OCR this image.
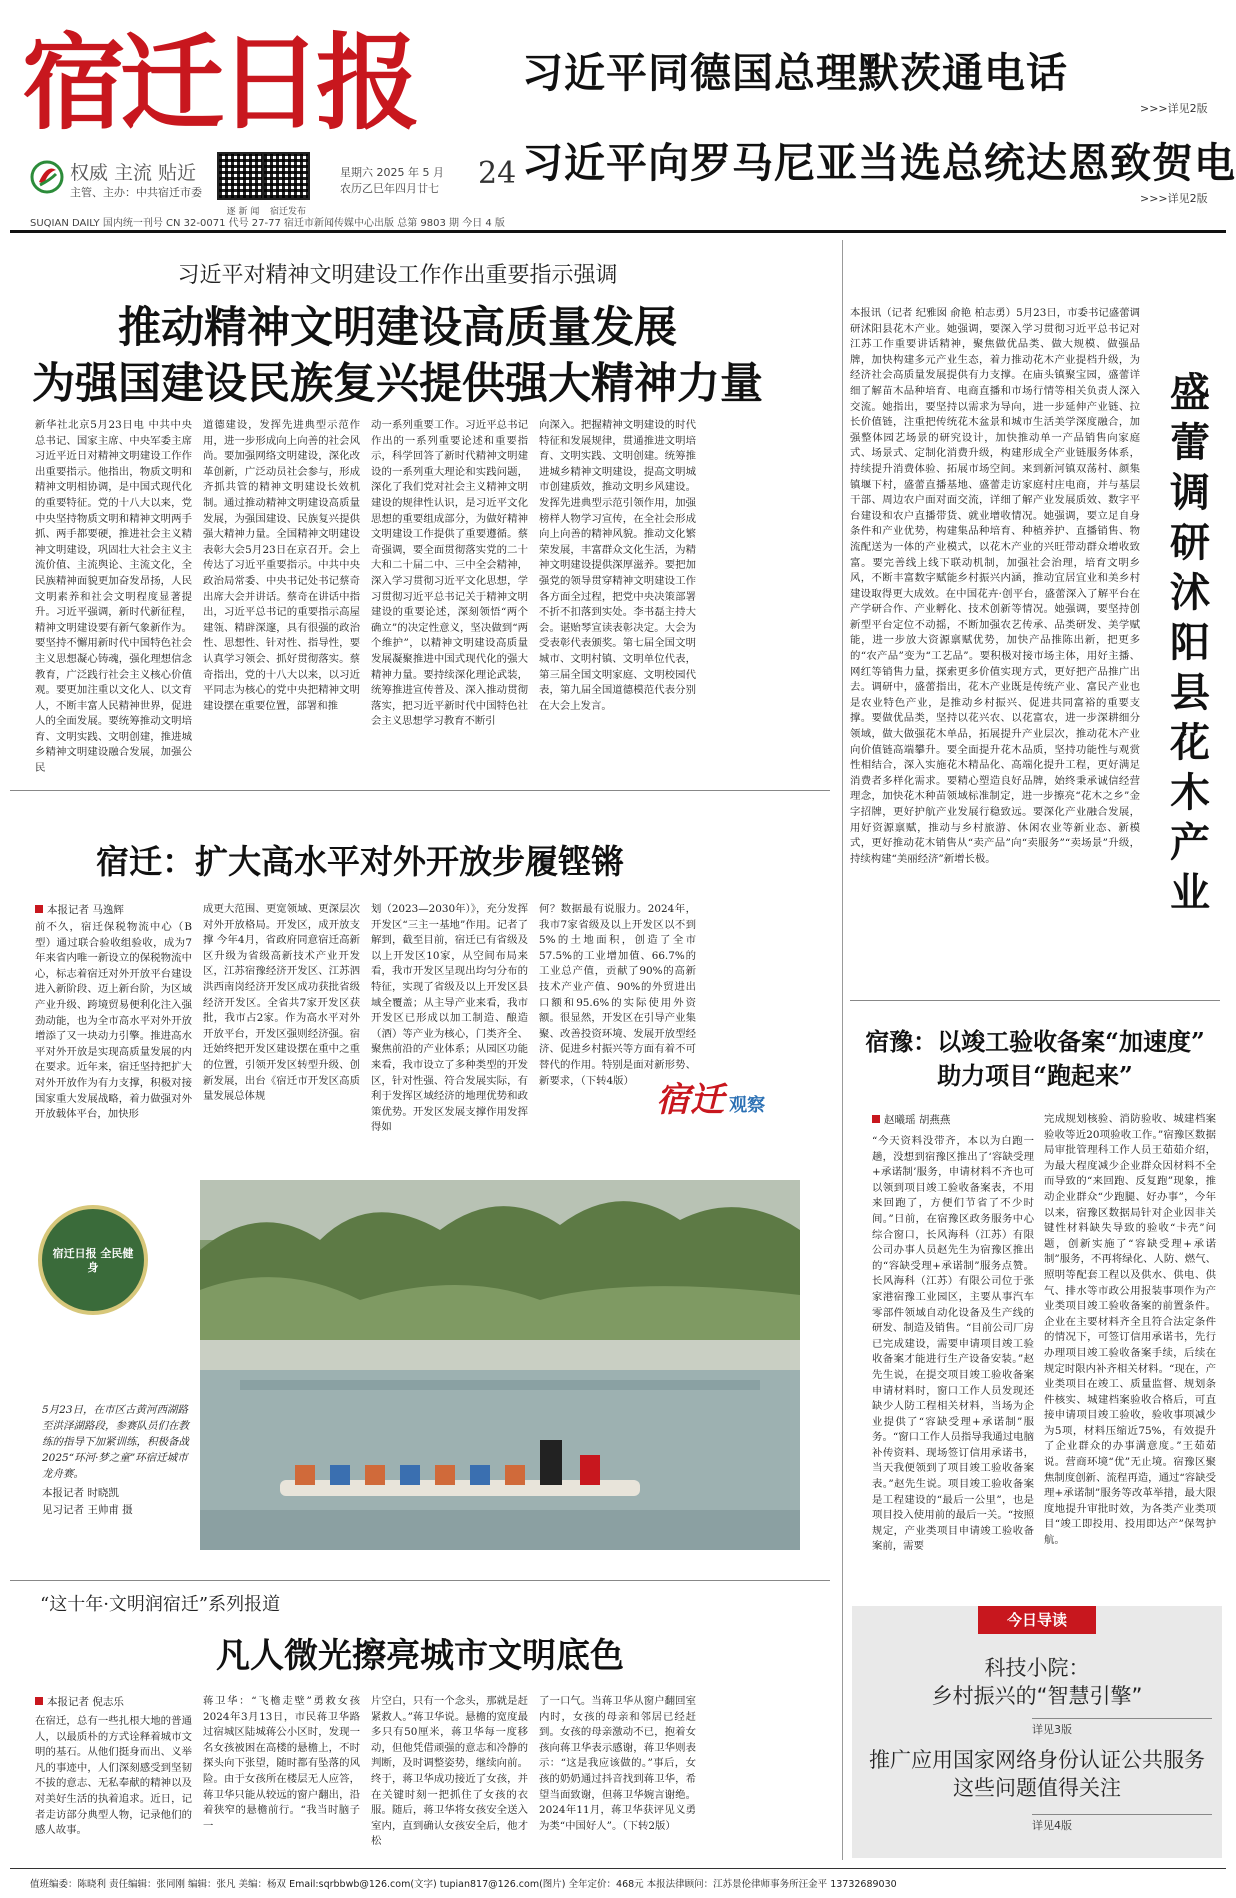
宿迁日报
权威 主流 贴近
主管、主办：中共宿迁市委
逐 新 闻	宿迁发布
星期六 2025 年 5 月
农历乙巳年四月廿七 24
SUQIAN DAILY 国内统一刊号 CN 32-0071 代号 27-77 宿迁市新闻传媒中心出版 总第 9803 期 今日 4 版
习近平同德国总理默茨通电话
>>>详见2版
习近平向罗马尼亚当选总统达恩致贺电
>>>详见2版
习近平对精神文明建设工作作出重要指示强调
推动精神文明建设高质量发展
为强国建设民族复兴提供强大精神力量
新华社北京5月23日电 中共中央总书记、国家主席、中央军委主席习近平近日对精神文明建设工作作出重要指示。他指出，物质文明和精神文明相协调，是中国式现代化的重要特征。党的十八大以来，党中央坚持物质文明和精神文明两手抓、两手都要硬，推进社会主义精神文明建设，巩固壮大社会主义主流价值、主流舆论、主流文化，全民族精神面貌更加奋发昂扬，人民文明素养和社会文明程度显著提升。习近平强调，新时代新征程，精神文明建设要有新气象新作为。要坚持不懈用新时代中国特色社会主义思想凝心铸魂，强化理想信念教育，广泛践行社会主义核心价值观。要更加注重以文化人、以文育人，不断丰富人民精神世界，促进人的全面发展。要统筹推动文明培育、文明实践、文明创建，推进城乡精神文明建设融合发展，加强公民
道德建设，发挥先进典型示范作用，进一步形成向上向善的社会风尚。要加强网络文明建设，深化改革创新，广泛动员社会参与，形成齐抓共管的精神文明建设长效机制。通过推动精神文明建设高质量发展，为强国建设、民族复兴提供强大精神力量。全国精神文明建设表彰大会5月23日在京召开。会上传达了习近平重要指示。中共中央政治局常委、中央书记处书记蔡奇出席大会并讲话。蔡奇在讲话中指出，习近平总书记的重要指示高屋建瓴、精辟深邃，具有很强的政治性、思想性、针对性、指导性，要认真学习领会、抓好贯彻落实。蔡奇指出，党的十八大以来，以习近平同志为核心的党中央把精神文明建设摆在重要位置，部署和推
动一系列重要工作。习近平总书记作出的一系列重要论述和重要指示，科学回答了新时代精神文明建设的一系列重大理论和实践问题，深化了我们党对社会主义精神文明建设的规律性认识，是习近平文化思想的重要组成部分，为做好精神文明建设工作提供了重要遵循。蔡奇强调，要全面贯彻落实党的二十大和二十届二中、三中全会精神，深入学习贯彻习近平文化思想，学习贯彻习近平总书记关于精神文明建设的重要论述，深刻领悟“两个确立”的决定性意义，坚决做到“两个维护”，以精神文明建设高质量发展凝聚推进中国式现代化的强大精神力量。要持续深化理论武装，统筹推进宣传普及、深入推动贯彻落实，把习近平新时代中国特色社会主义思想学习教育不断引
向深入。把握精神文明建设的时代特征和发展规律，贯通推进文明培育、文明实践、文明创建。统筹推进城乡精神文明建设，提高文明城市创建质效，推动文明乡风建设。发挥先进典型示范引领作用，加强榜样人物学习宣传，在全社会形成向上向善的精神风貌。推动文化繁荣发展，丰富群众文化生活，为精神文明建设提供深厚滋养。要把加强党的领导贯穿精神文明建设工作各方面全过程，把党中央决策部署不折不扣落到实处。李书磊主持大会。谌贻琴宣读表彰决定。大会为受表彰代表颁奖。第七届全国文明城市、文明村镇、文明单位代表，第三届全国文明家庭、文明校园代表，第九届全国道德模范代表分别在大会上发言。
本报讯（记者 纪雅囡 俞艳 柏志勇）5月23日，市委书记盛蕾调研沭阳县花木产业。她强调，要深入学习贯彻习近平总书记对江苏工作重要讲话精神，聚焦做优品类、做大规模、做强品牌，加快构建多元产业生态，着力推动花木产业提档升级，为经济社会高质量发展提供有力支撑。在庙头镇聚宝园，盛蕾详细了解苗木品种培育、电商直播和市场行情等相关负责人深入交流。她指出，要坚持以需求为导向，进一步延伸产业链、拉长价值链，注重把传统花木盆景和城市生活美学深度融合，加强整体园艺场景的研究设计，加快推动单一产品销售向家庭式、场景式、定制化消费升级，构建形成全产业链服务体系，持续提升消费体验、拓展市场空间。来到新河镇双荡村、颜集镇堰下村，盛蕾直播基地、盛蕾走访家庭村庄电商，并与基层干部、周边农户面对面交流，详细了解产业发展质效、数字平台建设和农户直播带货、就业增收情况。她强调，要立足自身条件和产业优势，构建集品种培育、种植养护、直播销售、物流配送为一体的产业模式，以花木产业的兴旺带动群众增收致富。要完善线上线下联动机制，加强社会治理，培育文明乡风，不断丰富数字赋能乡村振兴内涵，推动宜居宜业和美乡村建设取得更大成效。在中国花卉·创平台，盛蕾深入了解平台在产学研合作、产业孵化、技术创新等情况。她强调，要坚持创新型平台定位不动摇，不断加强农艺传承、品类研发、美学赋能，进一步放大资源禀赋优势，加快产品推陈出新，把更多的“农产品”变为“工艺品”。要积极对接市场主体，用好主播、网红等销售力量，探索更多价值实现方式，更好把产品推广出去。调研中，盛蕾指出，花木产业既是传统产业、富民产业也是农业特色产业，是推动乡村振兴、促进共同富裕的重要支撑。要做优品类，坚持以花兴农、以花富农，进一步深耕细分领域，做大做强花木单品，拓展提升产业层次，推动花木产业向价值链高端攀升。要全面提升花木品质，坚持功能性与观赏性相结合，深入实施花木精品化、高端化提升工程，更好满足消费者多样化需求。要精心塑造良好品牌，始终秉承诚信经营理念，加快花木种苗领域标准制定，进一步擦亮“花木之乡”金字招牌，更好护航产业发展行稳致远。要深化产业融合发展，用好资源禀赋，推动与乡村旅游、休闲农业等新业态、新模式，更好推动花木销售从“卖产品”向“卖服务”“卖场景”升级，持续构建“美丽经济”新增长极。
盛蕾调研沭阳县花木产业
宿迁：扩大高水平对外开放步履铿锵
本报记者 马逸辉
前不久，宿迁保税物流中心（B型）通过联合验收组验收，成为7年来省内唯一新设立的保税物流中心，标志着宿迁对外开放平台建设进入新阶段、迈上新台阶，为区域产业升级、跨境贸易便利化注入强劲动能，也为全市高水平对外开放增添了又一块动力引擎。推进高水平对外开放是实现高质量发展的内在要求。近年来，宿迁坚持把扩大对外开放作为有力支撑，积极对接国家重大发展战略，着力做强对外开放载体平台，加快形
成更大范围、更宽领域、更深层次对外开放格局。开发区，成开放支撑 今年4月，省政府同意宿迁高新区升级为省级高新技术产业开发区，江苏宿豫经济开发区、江苏泗洪西南岗经济开发区成功获批省级经济开发区。全省共7家开发区获批，我市占2家。作为高水平对外开放平台，开发区强则经济强。宿迁始终把开发区建设摆在重中之重的位置，引领开发区转型升级、创新发展，出台《宿迁市开发区高质量发展总体规
划（2023—2030年）》，充分发挥开发区“三主一基地”作用。记者了解到，截至目前，宿迁已有省级及以上开发区10家，从空间布局来看，我市开发区呈现出均匀分布的特征，实现了省级及以上开发区县域全覆盖；从主导产业来看，我市开发区已形成以加工制造、酿造（酒）等产业为核心，门类齐全、聚焦前沿的产业体系；从园区功能来看，我市设立了多种类型的开发区，针对性强、符合发展实际，有利于发挥区域经济的地理优势和政策优势。开发区发展支撑作用发挥得如
何？数据最有说服力。2024年，我市7家省级及以上开发区以不到5%的土地面积，创造了全市57.5%的工业增加值、66.7%的工业总产值，贡献了90%的高新技术产业产值、90%的外贸进出口额和95.6%的实际使用外资额。很显然，开发区在引导产业集聚、改善投资环境、发展开放型经济、促进乡村振兴等方面有着不可替代的作用。特别是面对新形势、新要求，（下转4版） 宿迁 观察
宿迁日报 全民健身
5月23日，在市区古黄河西湖路至洪泽湖路段，参赛队员们在教练的指导下加紧训练，积极备战2025“环河·梦之童”环宿迁城市龙舟赛。
本报记者 时晓凯
见习记者 王帅甫 摄
宿豫：以竣工验收备案“加速度”
助力项目“跑起来”
赵曦瑶 胡燕燕
“今天资料没带齐，本以为白跑一趟，没想到宿豫区推出了‘容缺受理+承诺制’服务，申请材料不齐也可以领到项目竣工验收备案表，不用来回跑了，方便们节省了不少时间。”日前，在宿豫区政务服务中心综合窗口，长风海科（江苏）有限公司办事人员赵先生为宿豫区推出的“容缺受理+承诺制”服务点赞。长风海科（江苏）有限公司位于张家港宿豫工业园区，主要从事汽车零部件领域自动化设备及生产线的研发、制造及销售。“目前公司厂房已完成建设，需要申请项目竣工验收备案才能进行生产设备安装。”赵先生说，在提交项目竣工验收备案申请材料时，窗口工作人员发现还缺少人防工程相关材料，当场为企业提供了“容缺受理+承诺制”服务。“窗口工作人员指导我通过电脑补传资料、现场签订信用承诺书，当天我便领到了项目竣工验收备案表。”赵先生说。项目竣工验收备案是工程建设的“最后一公里”，也是项目投入使用前的最后一关。“按照规定，产业类项目申请竣工验收备案前，需要
完成规划核验、消防验收、城建档案验收等近20项验收工作。”宿豫区数据局审批管理科工作人员王茹茹介绍，为最大程度减少企业群众因材料不全而导致的“来回跑、反复跑”现象，推动企业群众“少跑腿、好办事”，今年以来，宿豫区数据局针对企业因非关键性材料缺失导致的验收“卡壳”问题，创新实施了“容缺受理+承诺制”服务，不再将绿化、人防、燃气、照明等配套工程以及供水、供电、供气、排水等市政公用报装事项作为产业类项目竣工验收备案的前置条件。企业在主要材料齐全且符合法定条件的情况下，可签订信用承诺书，先行办理项目竣工验收备案手续，后续在规定时限内补齐相关材料。“现在，产业类项目在竣工、质量监督、规划条件核实、城建档案验收合格后，可直接申请项目竣工验收，验收事项减少为5项，材料压缩近75%，有效提升了企业群众的办事满意度。”王茹茹说。营商环境“优”无止境。宿豫区聚焦制度创新、流程再造，通过“容缺受理+承诺制”服务等改革举措，最大限度地提升审批时效，为各类产业类项目“竣工即投用、投用即达产”保驾护航。
“这十年·文明润宿迁”系列报道
凡人微光擦亮城市文明底色
本报记者 倪志乐
在宿迁，总有一些扎根大地的普通人，以最质朴的方式诠释着城市文明的基石。从他们挺身而出、义举凡的事迹中，人们深刻感受到坚韧不拔的意志、无私奉献的精神以及对美好生活的执着追求。近日，记者走访部分典型人物，记录他们的感人故事。
蒋卫华：“飞檐走壁”勇救女孩 2024年3月13日，市民蒋卫华路过宿城区陆城蒋公小区时，发现一名女孩被困在高楼的悬檐上，不时探头向下张望，随时都有坠落的风险。由于女孩所在楼层无人应答，蒋卫华只能从较远的窗户翻出，沿着狭窄的悬檐前行。“我当时脑子一
片空白，只有一个念头，那就是赶紧救人。”蒋卫华说。悬檐的宽度最多只有50厘米，蒋卫华每一度移动，但他凭借顽强的意志和冷静的判断，及时调整姿势，继续向前。终于，蒋卫华成功接近了女孩，并在关键时刻一把抓住了女孩的衣服。随后，蒋卫华将女孩安全送入室内，直到确认女孩安全后，他才松
了一口气。当蒋卫华从窗户翻回室内时，女孩的母亲和邻居已经赶到。女孩的母亲激动不已，抱着女孩向蒋卫华表示感谢，蒋卫华则表示：“这是我应该做的。”事后，女孩的奶奶通过抖音找到蒋卫华，希望当面致谢，但蒋卫华婉言谢绝。2024年11月，蒋卫华获评见义勇为类“中国好人”。（下转2版）
今日导读
科技小院：
乡村振兴的“智慧引擎”
详见3版
推广应用国家网络身份认证公共服务
这些问题值得关注
详见4版
值班编委：陈晓利 责任编辑：张同刚 编辑：张凡 美编：杨双 Email:sqrbbwb@126.com(文字) tupian817@126.com(图片) 全年定价：468元 本报法律顾问：江苏景伦律师事务所汪金平 13732689030
